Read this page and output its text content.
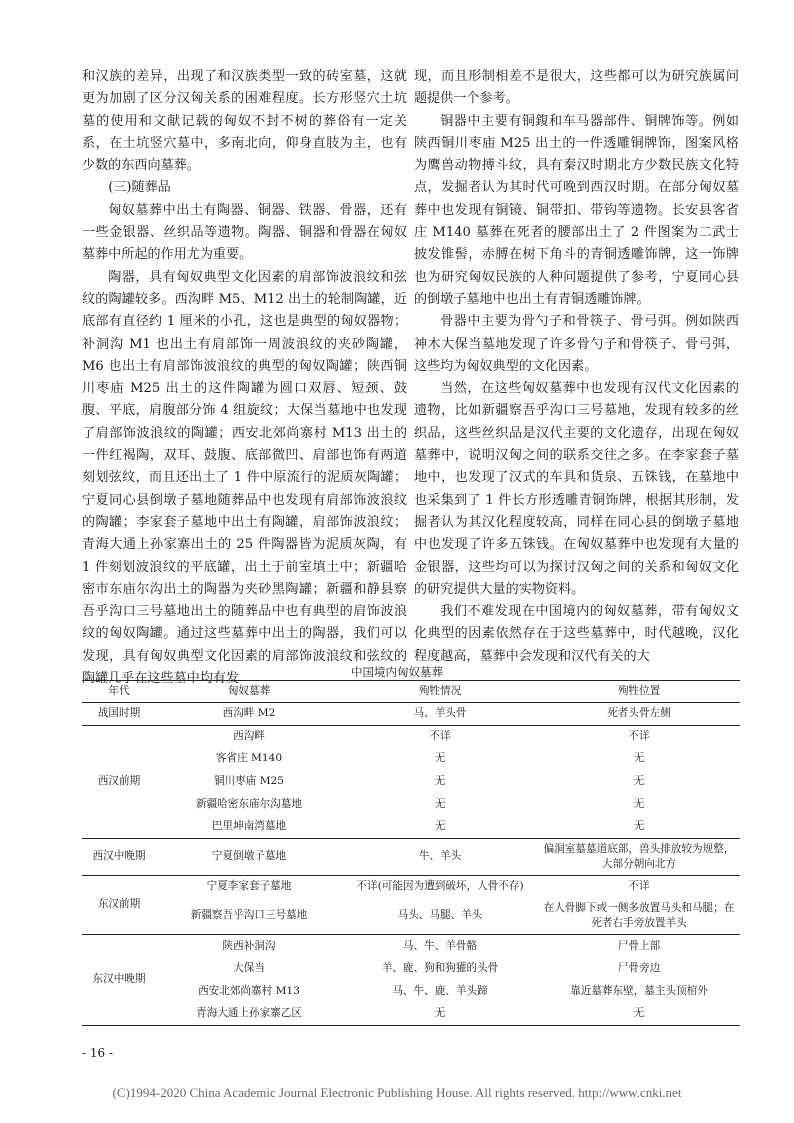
和汉族的差异，出现了和汉族类型一致的砖室墓，这就更为加剧了区分汉匈关系的困难程度。长方形竖穴土坑墓的使用和文献记载的匈奴不封不树的葬俗有一定关系，在土坑竖穴墓中，多南北向，仰身直肢为主，也有少数的东西向墓葬。

(三)随葬品

匈奴墓葬中出土有陶器、铜器、铁器、骨器，还有一些金银器、丝织品等遗物。陶器、铜器和骨器在匈奴墓葬中所起的作用尤为重要。

陶器，具有匈奴典型文化因素的肩部饰波浪纹和弦纹的陶罐较多。西沟畔 M5、M12 出土的轮制陶罐，近底部有直径约 1 厘米的小孔，这也是典型的匈奴器物；补洞沟 M1 也出土有肩部饰一周波浪纹的夹砂陶罐，M6 也出土有肩部饰波浪纹的典型的匈奴陶罐；陕西铜川枣庙 M25 出土的这件陶罐为圆口双唇、短颈、鼓腹、平底，肩腹部分饰 4 组旋纹；大保当墓地中也发现了肩部饰波浪纹的陶罐；西安北郊尚寨村 M13 出土的一件红褐陶，双耳、鼓腹、底部微凹、肩部也饰有两道刻划弦纹，而且还出土了 1 件中原流行的泥质灰陶罐；宁夏同心县倒墩子墓地随葬品中也发现有肩部饰波浪纹的陶罐；李家套子墓地中出土有陶罐，肩部饰波浪纹；青海大通上孙家寨出土的 25 件陶器皆为泥质灰陶，有 1 件刻划波浪纹的平底罐，出土于前室填土中；新疆哈密市东庙尔沟出土的陶器为夹砂黑陶罐；新疆和静县察吾乎沟口三号墓地出土的随葬品中也有典型的肩饰波浪纹的匈奴陶罐。通过这些墓葬中出土的陶器，我们可以发现，具有匈奴典型文化因素的肩部饰波浪纹和弦纹的陶罐几乎在这些墓中均有发

现，而且形制相差不是很大，这些都可以为研究族属问题提供一个参考。

铜器中主要有铜鍑和车马器部件、铜牌饰等。例如陕西铜川枣庙 M25 出土的一件透雕铜牌饰，图案风格为鹰兽动物搏斗纹，具有秦汉时期北方少数民族文化特点，发掘者认为其时代可晚到西汉时期。在部分匈奴墓葬中也发现有铜镜、铜带扣、带钩等遗物。长安县客省庄 M140 墓葬在死者的腰部出土了 2 件图案为二武士披发锥髻，赤膊在树下角斗的青铜透雕饰牌，这一饰牌也为研究匈奴民族的人种问题提供了参考，宁夏同心县的倒墩子墓地中也出土有青铜透雕饰牌。

骨器中主要为骨勺子和骨筷子、骨弓弭。例如陕西神木大保当墓地发现了许多骨勺子和骨筷子、骨弓弭，这些均为匈奴典型的文化因素。

当然，在这些匈奴墓葬中也发现有汉代文化因素的遗物，比如新疆察吾乎沟口三号墓地，发现有较多的丝织品，这些丝织品是汉代主要的文化遗存，出现在匈奴墓葬中，说明汉匈之间的联系交往之多。在李家套子墓地中，也发现了汉式的车具和货泉、五铢钱，在墓地中也采集到了 1 件长方形透雕青铜饰牌，根据其形制，发掘者认为其汉化程度较高，同样在同心县的倒墩子墓地中也发现了许多五铢钱。在匈奴墓葬中也发现有大量的金银器，这些均可以为探讨汉匈之间的关系和匈奴文化的研究提供大量的实物资料。

我们不难发现在中国境内的匈奴墓葬，带有匈奴文化典型的因素依然存在于这些墓葬中，时代越晚，汉化程度越高，墓葬中会发现和汉代有关的大

中国境内匈奴墓葬
年代	匈奴墓葬	殉牲情况	殉牲位置
战国时期	西沟畔 M2	马、羊头骨	死者头骨左侧
西汉前期	西沟畔	不详	不详
	客省庄 M140	无	无
	铜川枣庙 M25	无	无
	新疆哈密东庙尔沟墓地	无	无
	巴里坤南湾墓地	无	无
西汉中晚期	宁夏倒墩子墓地	牛、羊头	偏洞室墓墓道底部，兽头排放较为规整，大部分朝向北方
东汉前期	宁夏李家套子墓地	不详(可能因为遭到破坏，人骨不存)	不详
	新疆察吾乎沟口三号墓地	马头、马腿、羊头	在人骨脚下或一侧多放置马头和马腿；在死者右手旁放置羊头
东汉中晚期	陕西补洞沟	马、牛、羊骨骼	尸骨上部
	大保当	羊、鹿、狗和狗獾的头骨	尸骨旁边
	西安北郊尚寨村 M13	马、牛、鹿、羊头蹄	靠近墓葬东壁，墓主头顶棺外
	青海大通上孙家寨乙区	无	无
- 16 -
(C)1994-2020 China Academic Journal Electronic Publishing House. All rights reserved. http://www.cnki.net
